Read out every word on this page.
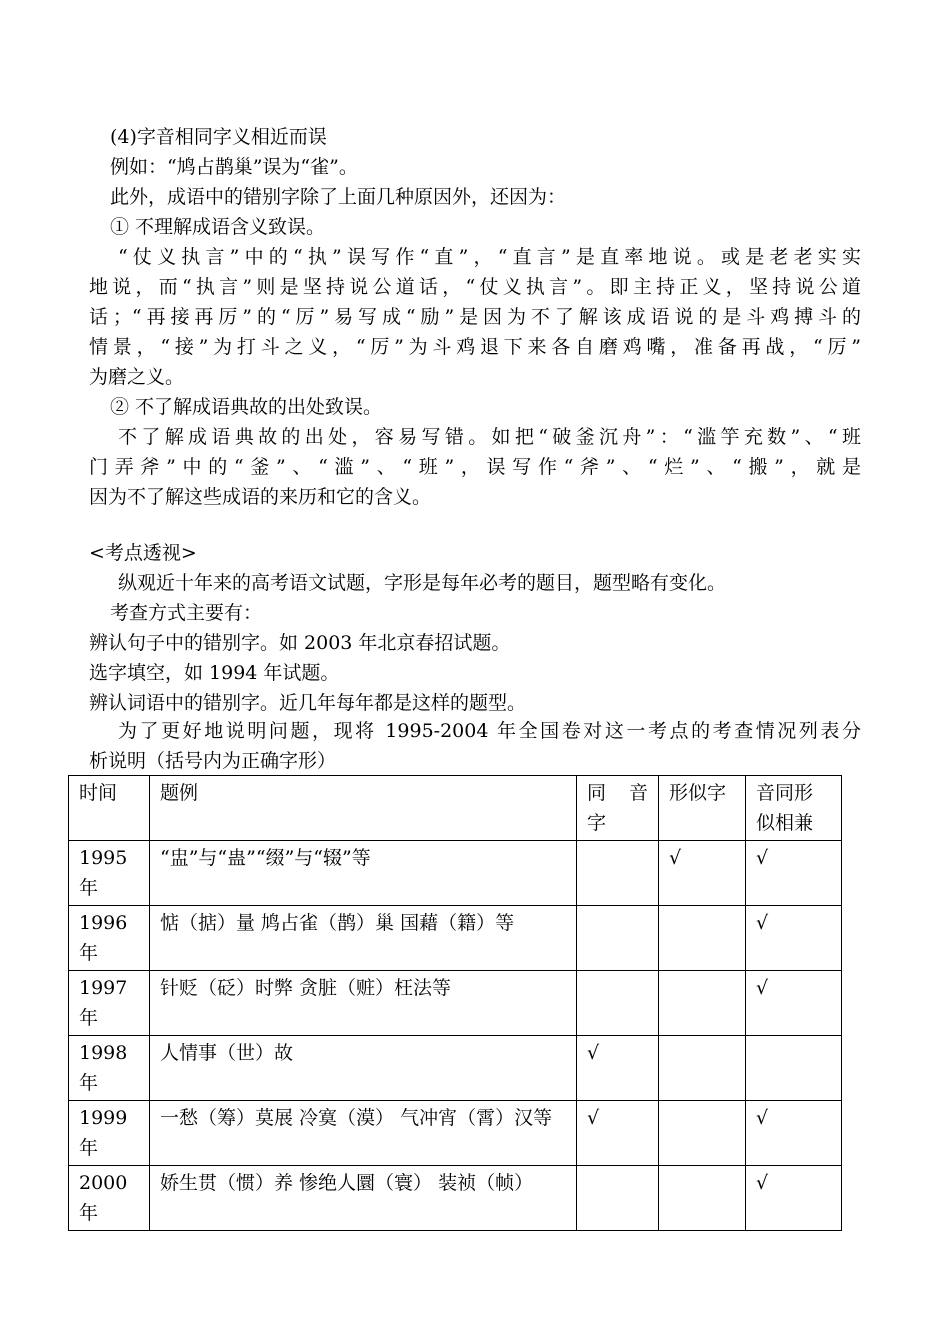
(4)字音相同字义相近而误
例如：“鸠占鹊巢”误为“雀”。
此外，成语中的错别字除了上面几种原因外，还因为：
① 不理解成语含义致误。
“仗义执言”中的“执”误写作“直”，“直言”是直率地说。或是老老实实
地说，而“执言”则是坚持说公道话，“仗义执言”。即主持正义，坚持说公道
话；“再接再厉”的“厉”易写成“励”是因为不了解该成语说的是斗鸡搏斗的
情景，“接”为打斗之义，“厉”为斗鸡退下来各自磨鸡嘴，准备再战，“厉”
为磨之义。
② 不了解成语典故的出处致误。
不了解成语典故的出处，容易写错。如把“破釜沉舟”：“滥竽充数”、“班
门弄斧”中的“釜”、“滥”、“班”，误写作“斧”、“烂”、“搬”，就是
因为不了解这些成语的来历和它的含义。
<考点透视>
纵观近十年来的高考语文试题，字形是每年必考的题目，题型略有变化。
考查方式主要有：
辨认句子中的错别字。如 2003 年北京春招试题。
选字填空，如 1994 年试题。
辨认词语中的错别字。近几年每年都是这样的题型。
为了更好地说明问题，现将 1995-2004 年全国卷对这一考点的考查情况列表分
析说明（括号内为正确字形）
时间	题例	同 音字	形似字	音同形似相兼
1995年	“盅”与“蛊”“缀”与“辍”等		√	√
1996年	惦（掂）量 鸠占雀（鹊）巢 国藉（籍）等			√
1997年	针贬（砭）时弊 贪脏（赃）枉法等			√
1998年	人情事（世）故	√		
1999年	一愁（筹）莫展 冷寞（漠） 气冲宵（霄）汉等	√		√
2000年	娇生贯（惯）养 惨绝人圜（寰） 装祯（帧）			√
